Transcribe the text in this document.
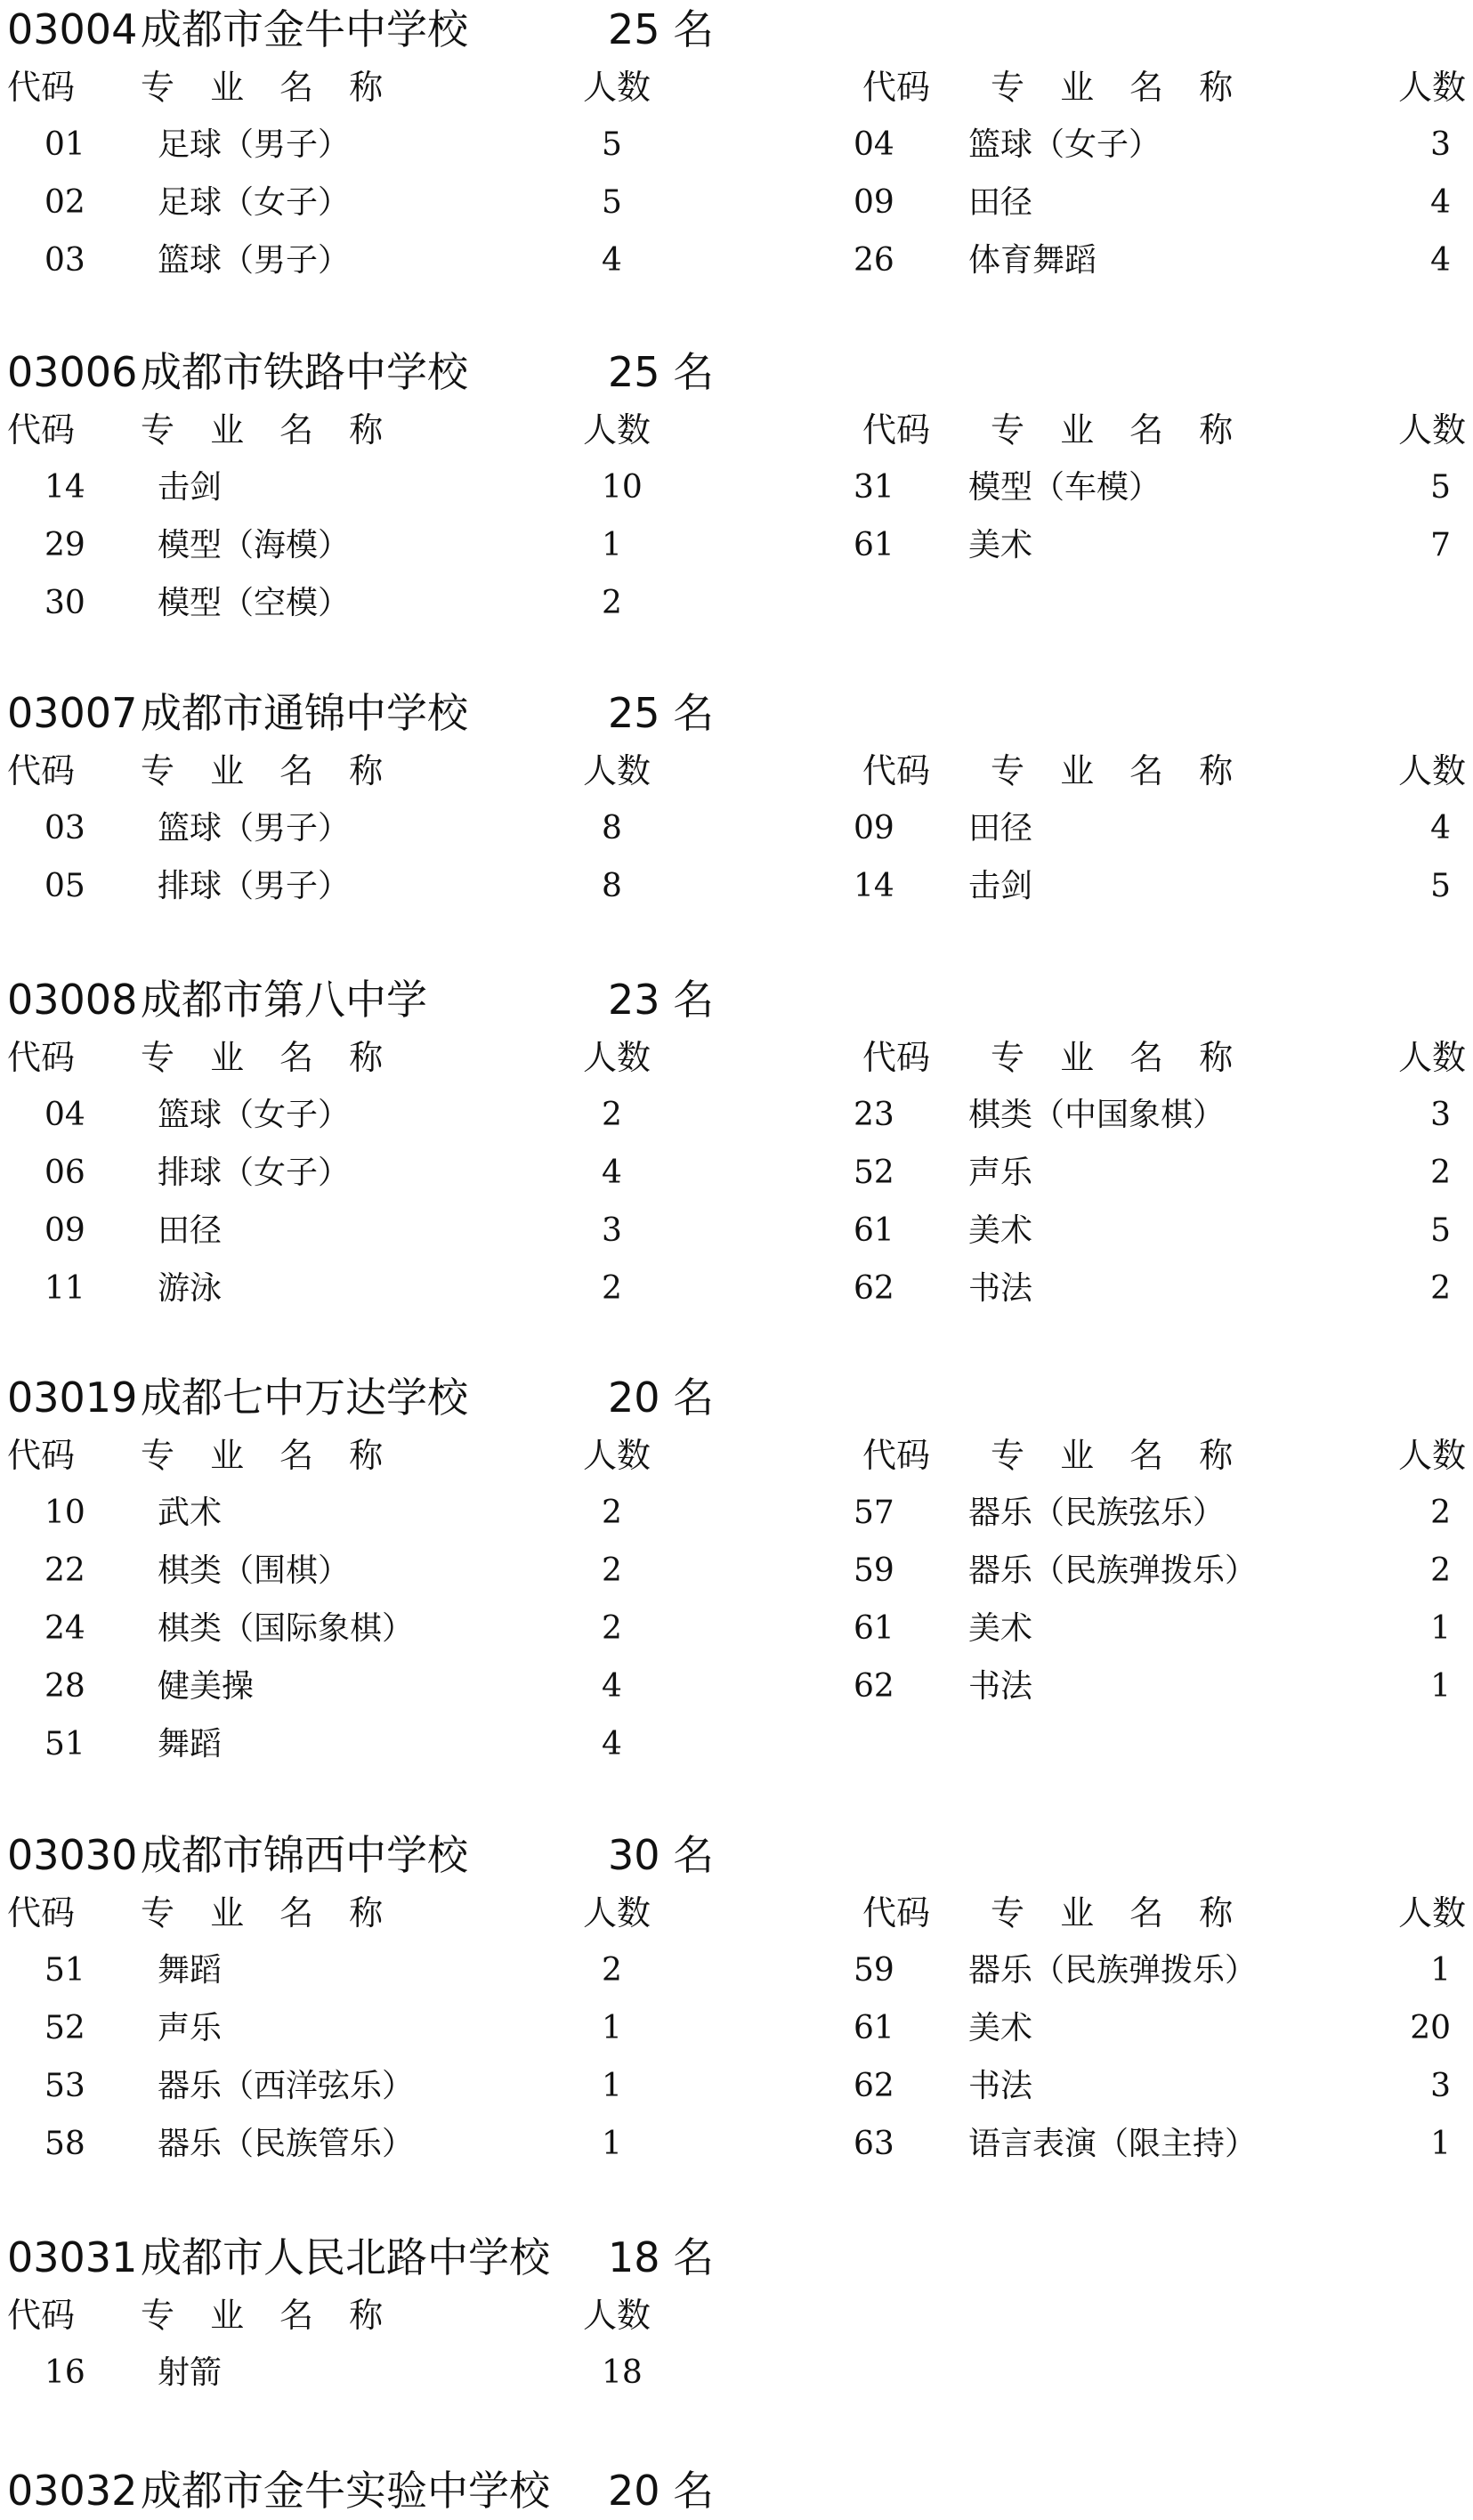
03004 成都市金牛中学校	25 名
代码 专 业 名 称	人数	代码 专 业 名 称	人数
01 足球（男子）	5	04 篮球（女子）	3
02 足球（女子）	5	09 田径	4
03 篮球（男子）	4	26 体育舞蹈	4
03006 成都市铁路中学校	25 名
代码 专 业 名 称	人数	代码 专 业 名 称	人数
14 击剑	10	31 模型（车模）	5
29 模型（海模）	1	61 美术	7
30 模型（空模）	2
03007 成都市通锦中学校	25 名
代码 专 业 名 称	人数	代码 专 业 名 称	人数
03 篮球（男子）	8	09 田径	4
05 排球（男子）	8	14 击剑	5
03008 成都市第八中学	23 名
代码 专 业 名 称	人数	代码 专 业 名 称	人数
04 篮球（女子）	2	23 棋类（中国象棋）	3
06 排球（女子）	4	52 声乐	2
09 田径	3	61 美术	5
11 游泳	2	62 书法	2
03019 成都七中万达学校	20 名
代码 专 业 名 称	人数	代码 专 业 名 称	人数
10 武术	2	57 器乐（民族弦乐）	2
22 棋类（围棋）	2	59 器乐（民族弹拨乐）	2
24 棋类（国际象棋）	2	61 美术	1
28 健美操	4	62 书法	1
51 舞蹈	4
03030 成都市锦西中学校	30 名
代码 专 业 名 称	人数	代码 专 业 名 称	人数
51 舞蹈	2	59 器乐（民族弹拨乐）	1
52 声乐	1	61 美术	20
53 器乐（西洋弦乐）	1	62 书法	3
58 器乐（民族管乐）	1	63 语言表演（限主持）	1
03031 成都市人民北路中学校 18 名
代码 专 业 名 称	人数
16 射箭	18
03032 成都市金牛实验中学校 20 名
